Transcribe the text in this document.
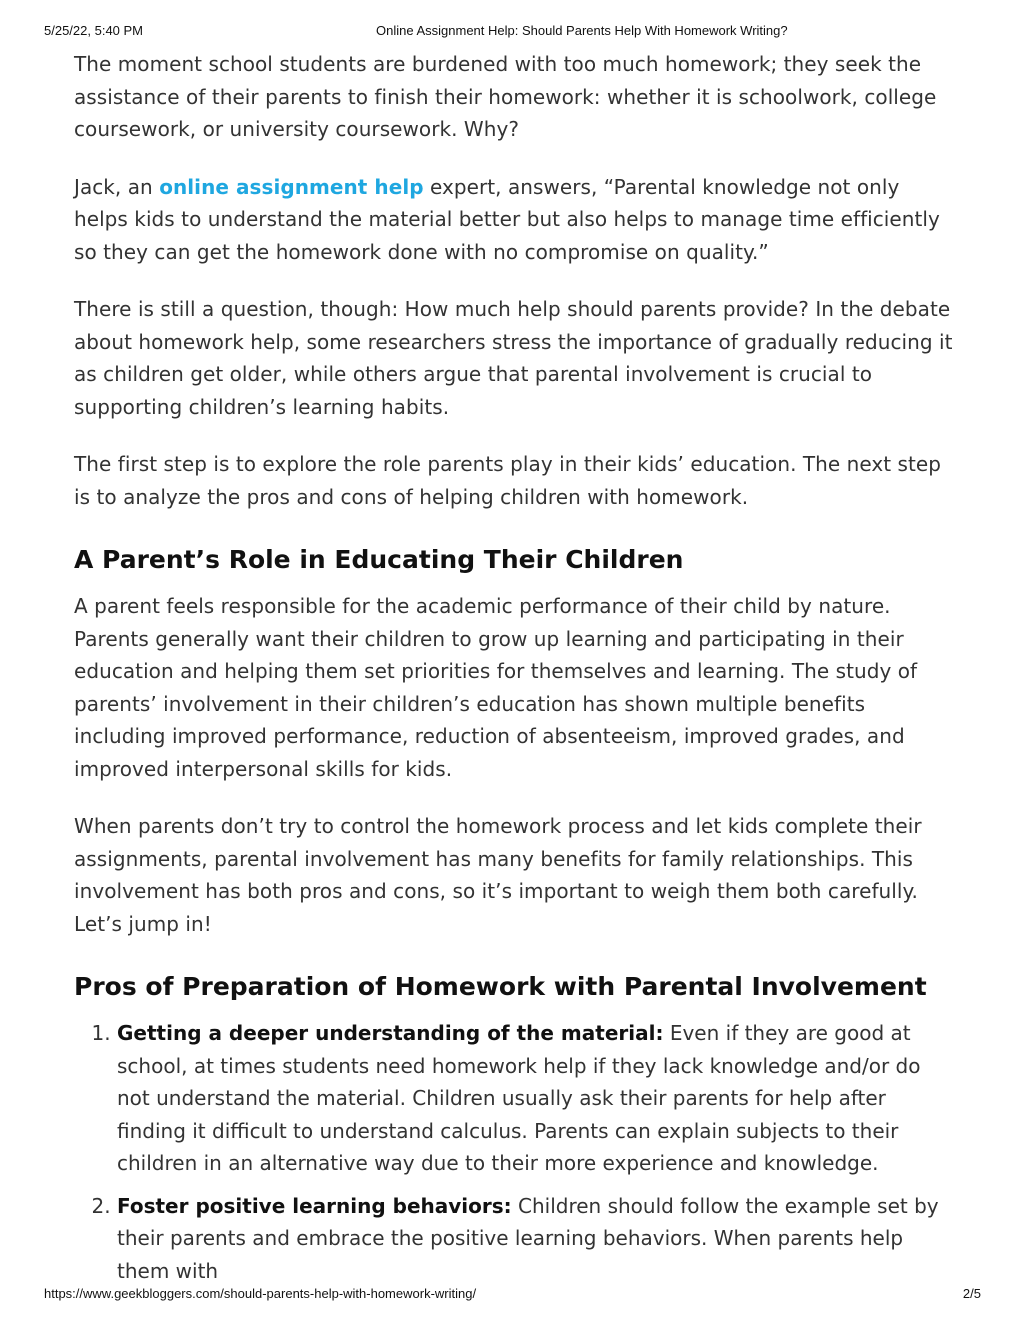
5/25/22, 5:40 PM	Online Assignment Help: Should Parents Help With Homework Writing?

The moment school students are burdened with too much homework; they seek the assistance of their parents to finish their homework: whether it is schoolwork, college coursework, or university coursework. Why?

Jack, an online assignment help expert, answers, “Parental knowledge not only helps kids to understand the material better but also helps to manage time efficiently so they can get the homework done with no compromise on quality.”

There is still a question, though: How much help should parents provide? In the debate about homework help, some researchers stress the importance of gradually reducing it as children get older, while others argue that parental involvement is crucial to supporting children’s learning habits.

The first step is to explore the role parents play in their kids’ education. The next step is to analyze the pros and cons of helping children with homework.

A Parent’s Role in Educating Their Children

A parent feels responsible for the academic performance of their child by nature. Parents generally want their children to grow up learning and participating in their education and helping them set priorities for themselves and learning. The study of parents’ involvement in their children’s education has shown multiple benefits including improved performance, reduction of absenteeism, improved grades, and improved interpersonal skills for kids.

When parents don’t try to control the homework process and let kids complete their assignments, parental involvement has many benefits for family relationships. This involvement has both pros and cons, so it’s important to weigh them both carefully. Let’s jump in!

Pros of Preparation of Homework with Parental Involvement
1. Getting a deeper understanding of the material: Even if they are good at school, at times students need homework help if they lack knowledge and/or do not understand the material. Children usually ask their parents for help after finding it difficult to understand calculus. Parents can explain subjects to their children in an alternative way due to their more experience and knowledge.
2. Foster positive learning behaviors: Children should follow the example set by their parents and embrace the positive learning behaviors. When parents help them with
https://www.geekbloggers.com/should-parents-help-with-homework-writing/	2/5
